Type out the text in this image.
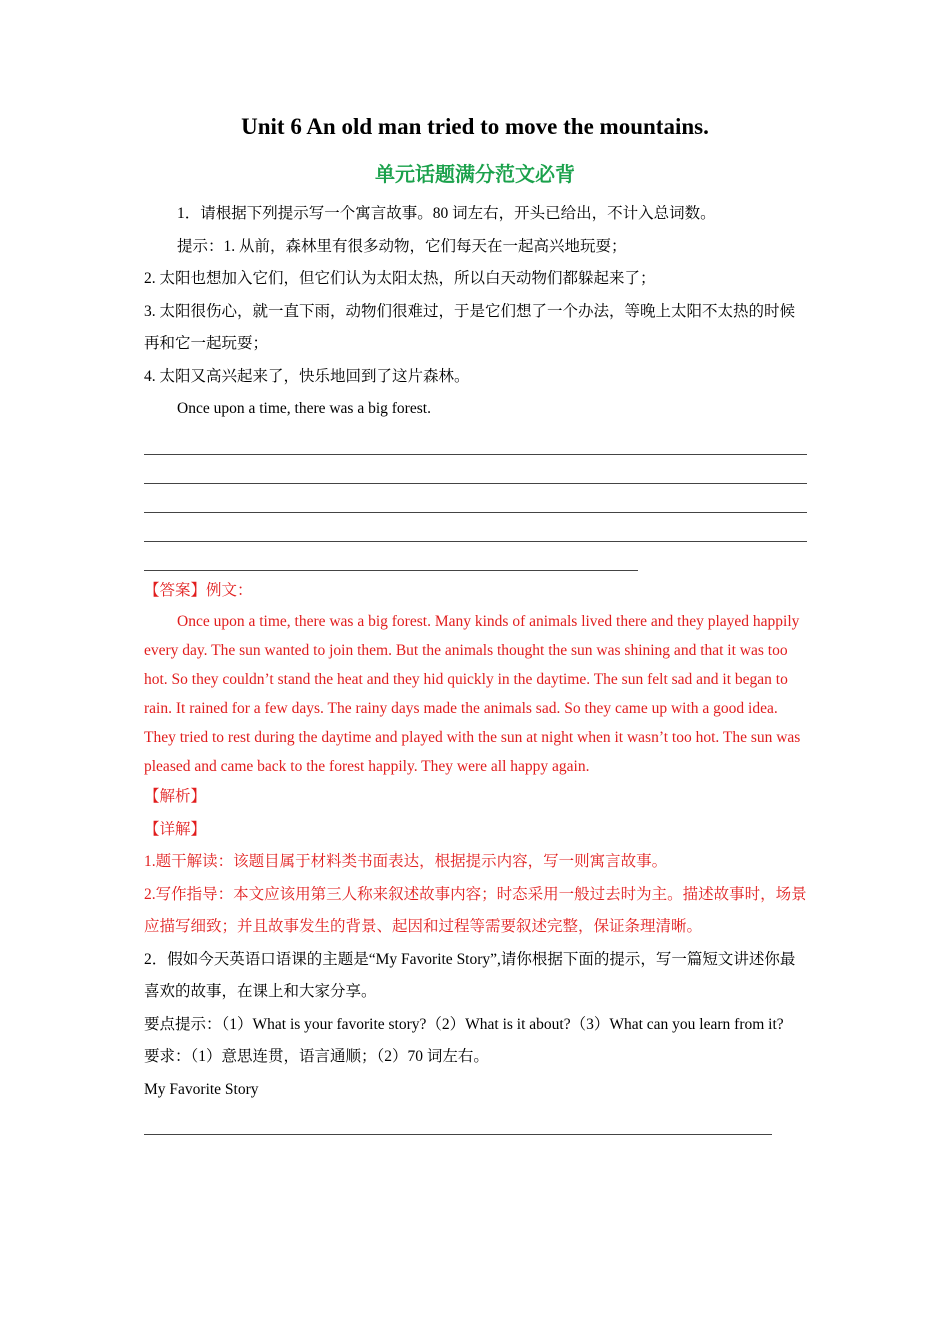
Unit 6 An old man tried to move the mountains.
单元话题满分范文必背

1．请根据下列提示写一个寓言故事。80 词左右，开头已给出，不计入总词数。

提示：1. 从前，森林里有很多动物，它们每天在一起高兴地玩耍；

2. 太阳也想加入它们，但它们认为太阳太热，所以白天动物们都躲起来了；

3. 太阳很伤心，就一直下雨，动物们很难过，于是它们想了一个办法，等晚上太阳不太热的时候再和它一起玩耍；

4. 太阳又高兴起来了，快乐地回到了这片森林。

Once upon a time, there was a big forest.

【答案】例文：

Once upon a time, there was a big forest. Many kinds of animals lived there and they played happily every day. The sun wanted to join them. But the animals thought the sun was shining and that it was too hot. So they couldn’t stand the heat and they hid quickly in the daytime. The sun felt sad and it began to rain. It rained for a few days. The rainy days made the animals sad. So they came up with a good idea. They tried to rest during the daytime and played with the sun at night when it wasn’t too hot. The sun was pleased and came back to the forest happily. They were all happy again.

【解析】

【详解】

1.题干解读：该题目属于材料类书面表达，根据提示内容，写一则寓言故事。

2.写作指导：本文应该用第三人称来叙述故事内容；时态采用一般过去时为主。描述故事时，场景应描写细致；并且故事发生的背景、起因和过程等需要叙述完整，保证条理清晰。

2．假如今天英语口语课的主题是“My Favorite Story”,请你根据下面的提示，写一篇短文讲述你最喜欢的故事，在课上和大家分享。

要点提示：（1）What is your favorite story?（2）What is it about?（3）What can you learn from it?

要求：（1）意思连贯，语言通顺；（2）70 词左右。

My Favorite Story
